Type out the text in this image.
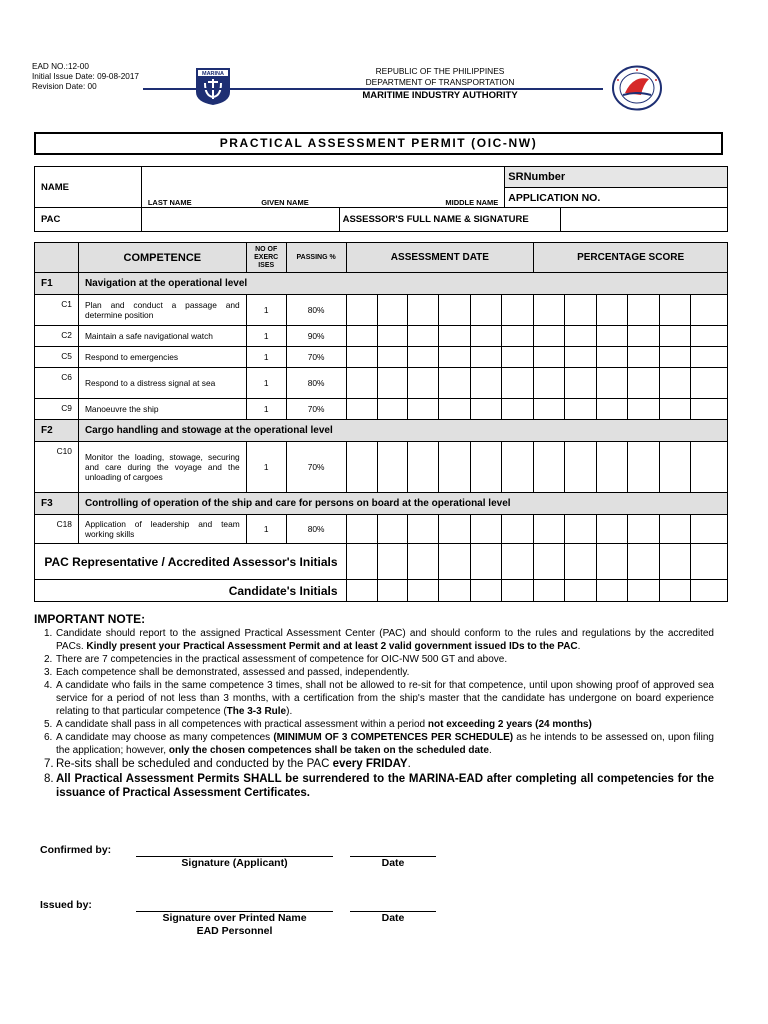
EAD NO.:12-00
Initial Issue Date: 09-08-2017
Revision Date: 00
MARINA	REPUBLIC OF THE PHILIPPINES
DEPARTMENT OF TRANSPORTATION
MARITIME INDUSTRY AUTHORITY
PRACTICAL ASSESSMENT PERMIT (OIC-NW)
NAME				SRNumber	
	LAST NAME	GIVEN NAME	MIDDLE NAME	APPLICATION NO.	
PAC			ASSESSOR'S FULL NAME & SIGNATURE		
	COMPETENCE	NO OF EXERC ISES	PASSING %	ASSESSMENT DATE						PERCENTAGE SCORE					
F1	Navigation at the operational level														
C1	Plan and conduct a passage and determine position	1	80%												
C2	Maintain a safe navigational watch	1	90%												
C5	Respond to emergencies	1	70%												
C6	Respond to a distress signal at sea	1	80%												
C9	Manoeuvre the ship	1	70%												
F2	Cargo handling and stowage at the operational level														
C10	Monitor the loading, stowage, securing and care during the voyage and the unloading of cargoes	1	70%												
F3	Controlling of operation of the ship and care for persons on board at the operational level														
C18	Application of leadership and team working skills	1	80%												
PAC Representative / Accredited Assessor's Initials															
Candidate's Initials															
IMPORTANT NOTE:
1. Candidate should report to the assigned Practical Assessment Center (PAC) and should conform to the rules and regulations by the accredited PACs. Kindly present your Practical Assessment Permit and at least 2 valid government issued IDs to the PAC.
2. There are 7 competencies in the practical assessment of competence for OIC-NW 500 GT and above.
3. Each competence shall be demonstrated, assessed and passed, independently.
4. A candidate who fails in the same competence 3 times, shall not be allowed to re-sit for that competence, until upon showing proof of approved sea service for a period of not less than 3 months, with a certification from the ship's master that the candidate has undergone on board experience relating to that particular competence (The 3-3 Rule).
5. A candidate shall pass in all competences with practical assessment within a period not exceeding 2 years (24 months)
6. A candidate may choose as many competences (MINIMUM OF 3 COMPETENCES PER SCHEDULE) as he intends to be assessed on, upon filing the application; however, only the chosen competences shall be taken on the scheduled date.
7. Re-sits shall be scheduled and conducted by the PAC every FRIDAY.
8. All Practical Assessment Permits SHALL be surrendered to the MARINA-EAD after completing all competencies for the issuance of Practical Assessment Certificates.
Confirmed by:
Signature (Applicant)	Date
Issued by:
Signature over Printed Name
EAD Personnel
Date
